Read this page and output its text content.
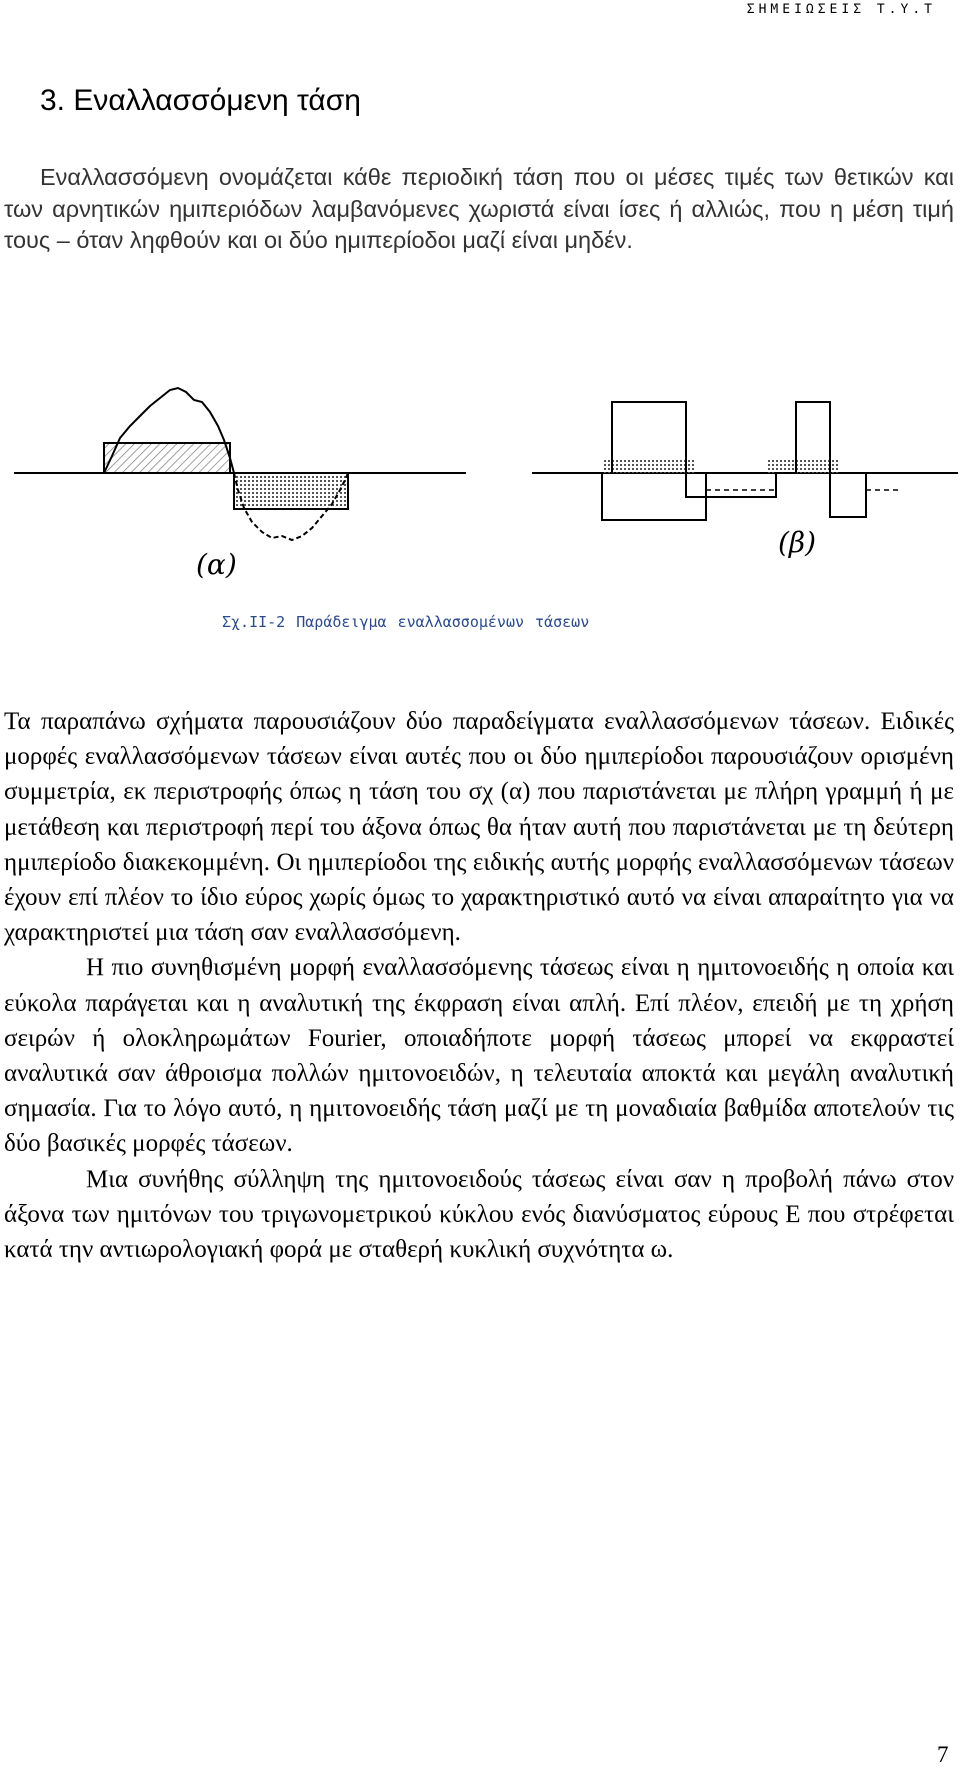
ΣΗΜΕΙΩΣΕΙΣ Τ.Υ.Τ
3. Εναλλασσόμενη τάση
Εναλλασσόμενη ονομάζεται κάθε περιοδική τάση που οι μέσες τιμές των θετικών και των αρνητικών ημιπεριόδων λαμβανόμενες χωριστά είναι ίσες ή αλλιώς, που η μέση τιμή τους – όταν ληφθούν και οι δύο ημιπερίοδοι μαζί είναι μηδέν.
(α)
(β)
Σχ.ΙΙ-2 Παράδειγμα εναλλασσομένων τάσεων

Τα παραπάνω σχήματα παρουσιάζουν δύο παραδείγματα εναλλασσόμενων τάσεων. Ειδικές μορφές εναλλασσόμενων τάσεων είναι αυτές που οι δύο ημιπερίοδοι παρουσιάζουν ορισμένη συμμετρία, εκ περιστροφής όπως η τάση του σχ (α) που παριστάνεται με πλήρη γραμμή ή με μετάθεση και περιστροφή περί του άξονα όπως θα ήταν αυτή που παριστάνεται με τη δεύτερη ημιπερίοδο διακεκομμένη. Οι ημιπερίοδοι της ειδικής αυτής μορφής εναλλασσόμενων τάσεων έχουν επί πλέον το ίδιο εύρος χωρίς όμως το χαρακτηριστικό αυτό να είναι απαραίτητο για να χαρακτηριστεί μια τάση σαν εναλλασσόμενη.

Η πιο συνηθισμένη μορφή εναλλασσόμενης τάσεως είναι η ημιτονοειδής η οποία και εύκολα παράγεται και η αναλυτική της έκφραση είναι απλή. Επί πλέον, επειδή με τη χρήση σειρών ή ολοκληρωμάτων Fourier, οποιαδήποτε μορφή τάσεως μπορεί να εκφραστεί αναλυτικά σαν άθροισμα πολλών ημιτονοειδών, η τελευταία αποκτά και μεγάλη αναλυτική σημασία. Για το λόγο αυτό, η ημιτονοειδής τάση μαζί με τη μοναδιαία βαθμίδα αποτελούν τις δύο βασικές μορφές τάσεων.

Μια συνήθης σύλληψη της ημιτονοειδούς τάσεως είναι σαν η προβολή πάνω στον άξονα των ημιτόνων του τριγωνομετρικού κύκλου ενός διανύσματος εύρους Ε που στρέφεται κατά την αντιωρολογιακή φορά με σταθερή κυκλική συχνότητα ω.

7
